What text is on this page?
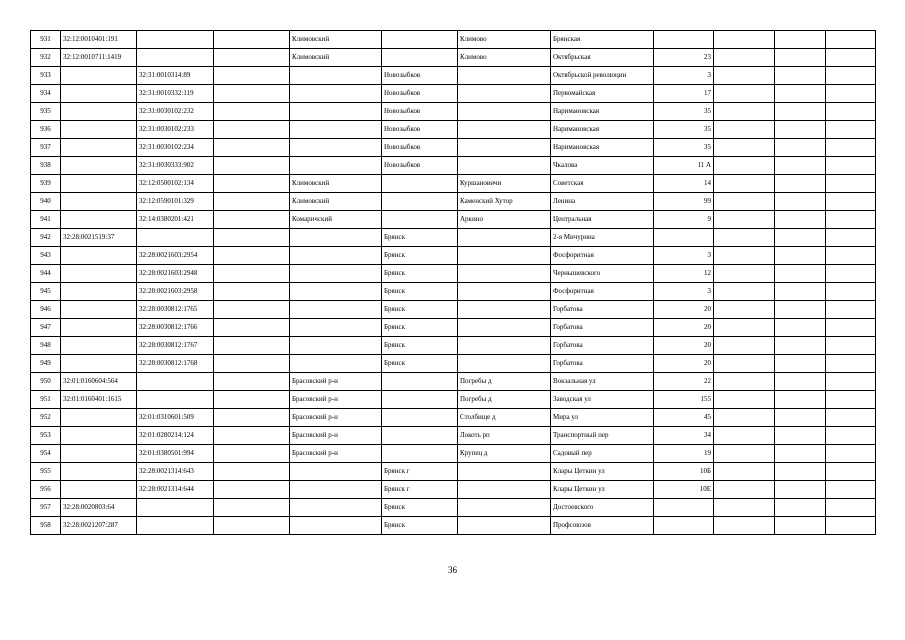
931	32:12:0010401:191			Климовский		Климово	Брянская				
932	32:12:0010711:1419			Климовский		Климово	Октябрьская	23			
933		32:31:0010314:89			Новозыбков		Октябрьской революции	3			
934		32:31:0010332:119			Новозыбков		Первомайская	17			
935		32:31:0030102:232			Новозыбков		Наримановская	35			
936		32:31:0030102:233			Новозыбков		Наримановская	35			
937		32:31:0030102:234			Новозыбков		Наримановская	35			
938		32:31:0030333:902			Новозыбков		Чкалова	11 А			
939		32:12:0500102:134		Климовский		Куршановичи	Советская	14			
940		32:12:0590101:329		Климовский		Каменский Хутор	Ленина	99			
941		32:14:0380201:421		Комаричский		Аркино	Центральная	9			
942	32:28:0021519:37				Брянск		2-я Мичурина				
943		32:28:0021603:2954			Брянск		Фосфоритная	3			
944		32:28:0021603:2948			Брянск		Чернышевского	12			
945		32:28:0021603:2958			Брянск		Фосфоритная	3			
946		32:28:0030812:1765			Брянск		Горбатова	20			
947		32:28:0030812:1766			Брянск		Горбатова	20			
948		32:28:0030812:1767			Брянск		Горбатова	20			
949		32:28:0030812:1768			Брянск		Горбатова	20			
950	32:01:0160604:564			Брасовский р-н		Погребы д	Вокзальная ул	22			
951	32:01:0160401:1615			Брасовский р-н		Погребы д	Заводская ул	155			
952		32:01:0310601:509		Брасовский р-н		Столбище д	Мира ул	45			
953		32:01:0280214:124		Брасовский р-н		Локоть рп	Транспортный пер	34			
954		32:01:0380501:994		Брасовский р-н		Крупец д	Садовый пер	19			
955		32:28:0021314:643			Брянск г		Клары Цеткин ул	10Б			
956		32:28:0021314:644			Брянск г		Клары Цеткин ул	10Е			
957	32:28:0020803:64				Брянск		Достоевского				
958	32:28:0021207:287				Брянск		Профсоюзов				
36
